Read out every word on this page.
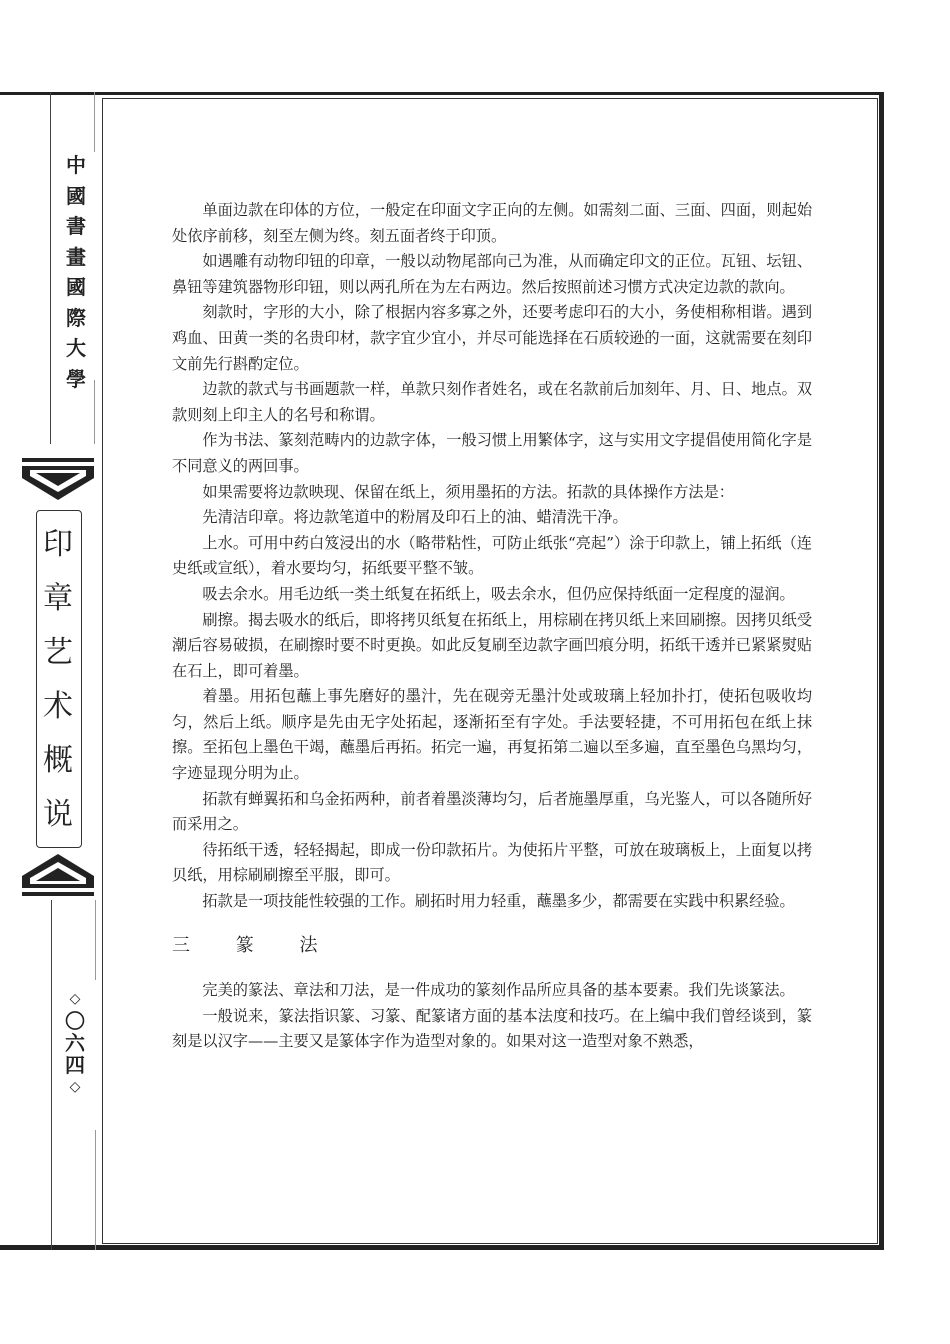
中
國
書
畫
國
際
大
學
印
章
艺
术
概
说
◇
〇
六
四
◇

单面边款在印体的方位，一般定在印面文字正向的左侧。如需刻二面、三面、四面，则起始处依序前移，刻至左侧为终。刻五面者终于印顶。

如遇雕有动物印钮的印章，一般以动物尾部向己为准，从而确定印文的正位。瓦钮、坛钮、鼻钮等建筑器物形印钮，则以两孔所在为左右两边。然后按照前述习惯方式决定边款的款向。

刻款时，字形的大小，除了根据内容多寡之外，还要考虑印石的大小，务使相称相谐。遇到鸡血、田黄一类的名贵印材，款字宜少宜小，并尽可能选择在石质较逊的一面，这就需要在刻印文前先行斟酌定位。

边款的款式与书画题款一样，单款只刻作者姓名，或在名款前后加刻年、月、日、地点。双款则刻上印主人的名号和称谓。

作为书法、篆刻范畴内的边款字体，一般习惯上用繁体字，这与实用文字提倡使用简化字是不同意义的两回事。

如果需要将边款映现、保留在纸上，须用墨拓的方法。拓款的具体操作方法是：

先清洁印章。将边款笔道中的粉屑及印石上的油、蜡清洗干净。

上水。可用中药白笈浸出的水（略带粘性，可防止纸张“亮起”）涂于印款上，铺上拓纸（连史纸或宣纸），着水要均匀，拓纸要平整不皱。

吸去余水。用毛边纸一类土纸复在拓纸上，吸去余水，但仍应保持纸面一定程度的湿润。

刷擦。揭去吸水的纸后，即将拷贝纸复在拓纸上，用棕刷在拷贝纸上来回刷擦。因拷贝纸受潮后容易破损，在刷擦时要不时更换。如此反复刷至边款字画凹痕分明，拓纸干透并已紧紧熨贴在石上，即可着墨。

着墨。用拓包蘸上事先磨好的墨汁，先在砚旁无墨汁处或玻璃上轻加扑打，使拓包吸收均匀，然后上纸。顺序是先由无字处拓起，逐渐拓至有字处。手法要轻捷，不可用拓包在纸上抹擦。至拓包上墨色干竭，蘸墨后再拓。拓完一遍，再复拓第二遍以至多遍，直至墨色乌黑均匀，字迹显现分明为止。

拓款有蝉翼拓和乌金拓两种，前者着墨淡薄均匀，后者施墨厚重，乌光鉴人，可以各随所好而采用之。

待拓纸干透，轻轻揭起，即成一份印款拓片。为使拓片平整，可放在玻璃板上，上面复以拷贝纸，用棕刷刷擦至平服，即可。

拓款是一项技能性较强的工作。刷拓时用力轻重，蘸墨多少，都需要在实践中积累经验。

三 篆 法

完美的篆法、章法和刀法，是一件成功的篆刻作品所应具备的基本要素。我们先谈篆法。

一般说来，篆法指识篆、习篆、配篆诸方面的基本法度和技巧。在上编中我们曾经谈到，篆刻是以汉字——主要又是篆体字作为造型对象的。如果对这一造型对象不熟悉，
